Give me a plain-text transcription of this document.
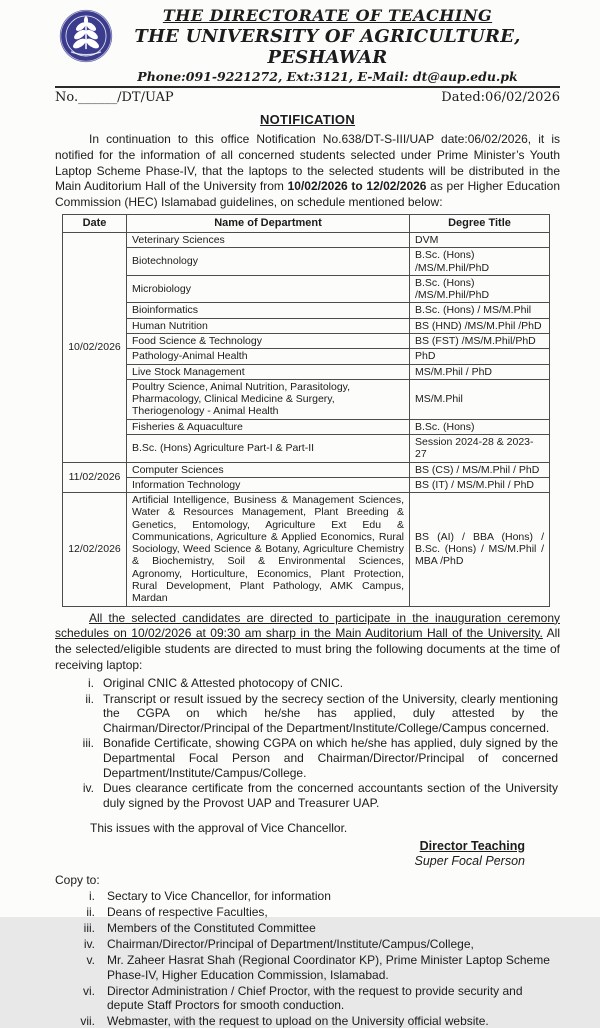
THE DIRECTORATE OF TEACHING
THE UNIVERSITY OF AGRICULTURE, PESHAWAR
Phone:091-9221272, Ext:3121, E-Mail: dt@aup.edu.pk
No.______/DT/UAP	Dated:06/02/2026
NOTIFICATION

In continuation to this office Notification No.638/DT-S-III/UAP date:06/02/2026, it is notified for the information of all concerned students selected under Prime Minister’s Youth Laptop Scheme Phase-IV, that the laptops to the selected students will be distributed in the Main Auditorium Hall of the University from 10/02/2026 to 12/02/2026 as per Higher Education Commission (HEC) Islamabad guidelines, on schedule mentioned below:

Date	Name of Department	Degree Title
10/02/2026	Veterinary Sciences	DVM
	Biotechnology	B.Sc. (Hons) /MS/M.Phil/PhD
	Microbiology	B.Sc. (Hons) /MS/M.Phil/PhD
	Bioinformatics	B.Sc. (Hons) / MS/M.Phil
	Human Nutrition	BS (HND) /MS/M.Phil /PhD
	Food Science & Technology	BS (FST) /MS/M.Phil/PhD
	Pathology-Animal Health	PhD
	Live Stock Management	MS/M.Phil / PhD
	Poultry Science, Animal Nutrition, Parasitology, Pharmacology, Clinical Medicine & Surgery, Theriogenology - Animal Health	MS/M.Phil
	Fisheries & Aquaculture	B.Sc. (Hons)
	B.Sc. (Hons) Agriculture Part-I & Part-II	Session 2024-28 & 2023-27
11/02/2026	Computer Sciences	BS (CS) / MS/M.Phil / PhD
	Information Technology	BS (IT) / MS/M.Phil / PhD
12/02/2026	Artificial Intelligence, Business & Management Sciences, Water & Resources Management, Plant Breeding & Genetics, Entomology, Agriculture Ext Edu & Communications, Agriculture & Applied Economics, Rural Sociology, Weed Science & Botany, Agriculture Chemistry & Biochemistry, Soil & Environmental Sciences, Agronomy, Horticulture, Economics, Plant Protection, Rural Development, Plant Pathology, AMK Campus, Mardan	BS (AI) / BBA (Hons) / B.Sc. (Hons) / MS/M.Phil / MBA /PhD

All the selected candidates are directed to participate in the inauguration ceremony schedules on 10/02/2026 at 09:30 am sharp in the Main Auditorium Hall of the University. All the selected/eligible students are directed to must bring the following documents at the time of receiving laptop:

i. Original CNIC & Attested photocopy of CNIC.
ii. Transcript or result issued by the secrecy section of the University, clearly mentioning the CGPA on which he/she has applied, duly attested by the Chairman/Director/Principal of the Department/Institute/College/Campus concerned.
iii. Bonafide Certificate, showing CGPA on which he/she has applied, duly signed by the Departmental Focal Person and Chairman/Director/Principal of concerned Department/Institute/Campus/College.
iv. Dues clearance certificate from the concerned accountants section of the University duly signed by the Provost UAP and Treasurer UAP.

This issues with the approval of Vice Chancellor.

Director Teaching
Super Focal Person
Copy to:
i.	Sectary to Vice Chancellor, for information
ii.	Deans of respective Faculties,
iii.	Members of the Constituted Committee
iv.	Chairman/Director/Principal of Department/Institute/Campus/College,
v.	Mr. Zaheer Hasrat Shah (Regional Coordinator KP), Prime Minister Laptop Scheme Phase-IV, Higher Education Commission, Islamabad.
vi.	Director Administration / Chief Proctor, with the request to provide security and depute Staff Proctors for smooth conduction.
vii.	Webmaster, with the request to upload on the University official website.
